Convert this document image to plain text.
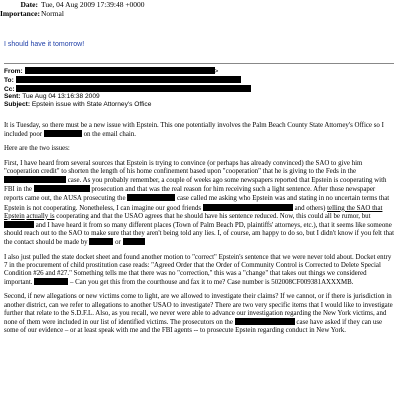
Date: Tue, 04 Aug 2009 17:39:48 +0000
Importance:Normal
I should have it tomorrow!
From:	>
To:
Cc:
Sent: Tue Aug 04 13:16:38 2009
Subject: Epstein issue with State Attorney's Office

It is Tuesday, so there must be a new issue with Epstein. This one potentially involves the Palm Beach County State Attorney's Office so I included poor	on the email chain.

Here are the two issues:

First, I have heard from several sources that Epstein is trying to convince (or perhaps has already convinced) the SAO to give him "cooperation credit" to shorten the length of his home confinement based upon "cooperation" that he is giving to the Feds in the  case. As you probably remember, a couple of weeks ago some newspapers reported that Epstein is cooperating with FBI in the	prosecution and that was the real reason for him receiving such a light sentence. After those newspaper reports came out, the AUSA prosecuting the	case called me asking who Epstein was and stating in no uncertain terms that Epstein is not cooperating. Nonetheless, I can imagine our good friends	and others) telling the SAO that Epstein actually is cooperating and that the USAO agrees that he should have his sentence reduced. Now, this could all be rumor, but  and I have heard it from so many different places (Town of Palm Beach PD, plaintiffs' attorneys, etc.), that it seems like someone should reach out to the SAO to make sure that they aren't being told any lies. I, of course, am happy to do so, but I didn't know if you felt that the contact should be made by	or

I also just pulled the state docket sheet and found another motion to "correct" Epstein's sentence that we were never told about. Docket entry 7 in the procurement of child prostitution case reads: "Agreed Order that the Order of Community Control is Corrected to Delete Special Condition #26 and #27." Something tells me that there was no "correction," this was a "change" that takes out things we considered important.	– Can you get this from the courthouse and fax it to me? Case number is 502008CF009381AXXXMB.

Second, if new allegations or new victims come to light, are we allowed to investigate their claims? If we cannot, or if there is jurisdiction in another district, can we refer to allegations to another USAO to investigate? There are two very specific items that I would like to investigate further that relate to the S.D.F.L. Also, as you recall, we never were able to advance our investigation regarding the New York victims, and none of them were included in our list of identified victims. The prosecutors on the	case have asked if they can use some of our evidence – or at least speak with me and the FBI agents -- to prosecute Epstein regarding conduct in New York.
